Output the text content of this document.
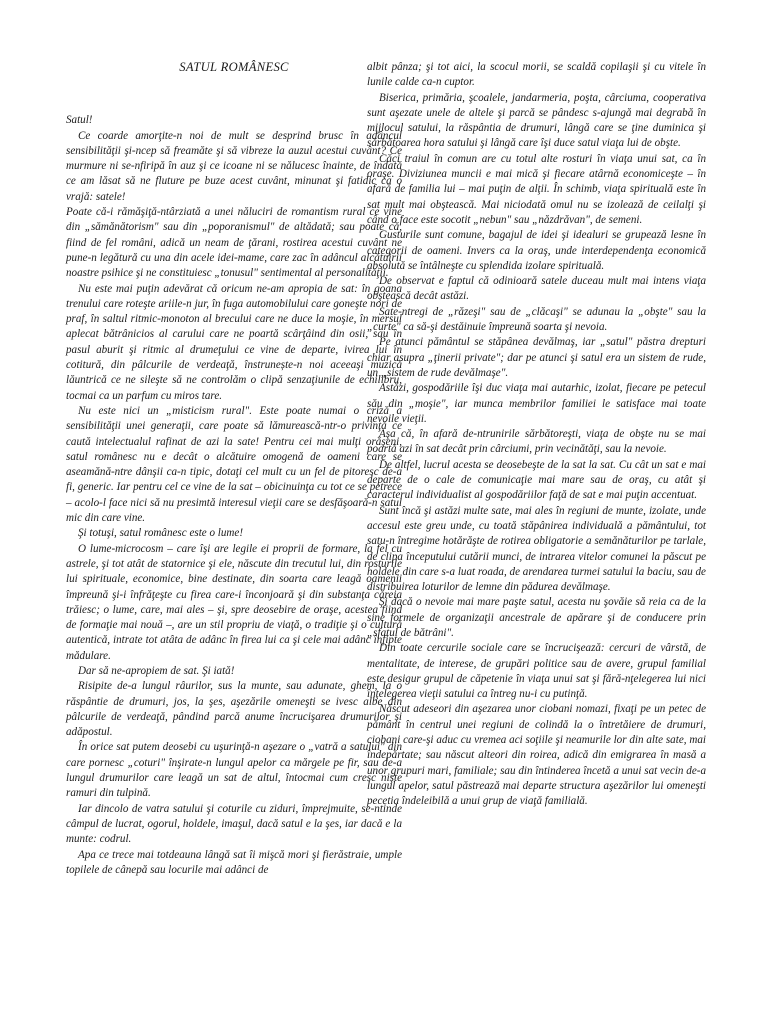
SATUL ROMÂNESC

Satul!

Ce coarde amorţite-n noi de mult se desprind brusc în adâncul sensibilităţii şi-ncep să freamăte şi să vibreze la auzul acestui cuvânt? Ce murmure ni se-nfiripă în auz şi ce icoane ni se nălucesc înainte, de îndată ce am lăsat să ne fluture pe buze acest cuvânt, minunat şi fatidic ca o vrajă: satele!

Poate că-i rămăşiţă-ntârziată a unei năluciri de romantism rural ce vine din „sămănătorism" sau din „poporanismul" de altădată; sau poate că, fiind de fel români, adică un neam de ţărani, rostirea acestui cuvânt ne pune-n legătură cu una din acele idei-mame, care zac în adâncul alcătuirii noastre psihice şi ne constituiesc „tonusul" sentimental al personalităţii.

Nu este mai puţin adevărat că oricum ne-am apropia de sat: în goana trenului care roteşte ariile-n jur, în fuga automobilului care goneşte nori de praf, în saltul ritmic-monoton al brecului care ne duce la moşie, în mersul aplecat bătrânicios al carului care ne poartă scârţâind din osii, sau în pasul aburit şi ritmic al drumeţului ce vine de departe, ivirea lui în cotitură, din pâlcurile de verdeaţă, înstrunește-n noi aceeaşi muzică lăuntrică ce ne sileşte să ne controlăm o clipă senzaţiunile de echilibru, tocmai ca un parfum cu miros tare.

Nu este nici un „misticism rural". Este poate numai o criză a sensibilităţii unei generaţii, care poate să lămurească-ntr-o privinţă ce caută intelectualul rafinat de azi la sate! Pentru cei mai mulţi orăşeni, satul românesc nu e decât o alcătuire omogenă de oameni care se aseamănă-ntre dânşii ca-n tipic, dotaţi cel mult cu un fel de pitoresc de-a fi, generic. Iar pentru cel ce vine de la sat – obicinuinţa cu tot ce se petrece – acolo-l face nici să nu presimtă interesul vieţii care se desfăşoară-n satul mic din care vine.

Şi totuşi, satul românesc este o lume!

O lume-microcosm – care îşi are legile ei proprii de formare, la fel cu astrele, şi tot atât de statornice şi ele, născute din trecutul lui, din rosturile lui spirituale, economice, bine destinate, din soarta care leagă oamenii împreună şi-i înfrăţeşte cu firea care-i înconjoară şi din substanţa căreia trăiesc; o lume, care, mai ales – şi, spre deosebire de oraşe, acestea fiind de formaţie mai nouă –, are un stil propriu de viaţă, o tradiţie şi o cultură autentică, intrate tot atâta de adânc în firea lui ca şi cele mai adânc înfipte mădulare.

Dar să ne-apropiem de sat. Şi iată!

Risipite de-a lungul râurilor, sus la munte, sau adunate, ghem, la o răspântie de drumuri, jos, la şes, aşezările omeneşti se ivesc albe din pâlcurile de verdeaţă, pândind parcă anume încrucişarea drumurilor şi adăpostul.

În orice sat putem deosebi cu uşurinţă-n aşezare o „vatră a satului" din care pornesc „coturi" înşirate-n lungul apelor ca mărgele pe fir, sau de-a lungul drumurilor care leagă un sat de altul, întocmai cum cresc nişte ramuri din tulpină.

Iar dincolo de vatra satului şi coturile cu ziduri, împrejmuite, se-ntinde câmpul de lucrat, ogorul, holdele, imaşul, dacă satul e la şes, iar dacă e la munte: codrul.

Apa ce trece mai totdeauna lângă sat îi mişcă mori şi fierăstraie, umple topilele de cânepă sau locurile mai adânci de

albit pânza; şi tot aici, la scocul morii, se scaldă copilaşii şi cu vitele în lunile calde ca-n cuptor.

Biserica, primăria, şcoalele, jandarmeria, poşta, cârciuma, cooperativa sunt aşezate unele de altele şi parcă se pândesc s-ajungă mai degrabă în mijlocul satului, la răspântia de drumuri, lângă care se ţine duminica şi sărbătoarea hora satului şi lângă care îşi duce satul viaţa lui de obşte.

Căci traiul în comun are cu totul alte rosturi în viaţa unui sat, ca în oraşe. Diviziunea muncii e mai mică şi fiecare atârnă economiceşte – în afară de familia lui – mai puţin de alţii. În schimb, viaţa spirituală este în sat mult mai obştească. Mai niciodată omul nu se izolează de ceilalţi şi când o face este socotit „nebun" sau „năzdrăvan", de semeni.

Gusturile sunt comune, bagajul de idei şi idealuri se grupează lesne în categorii de oameni. Invers ca la oraş, unde interdependenţa economică absolută se întâlneşte cu splendida izolare spirituală.

De observat e faptul că odinioară satele duceau mult mai intens viaţa obştească decât astăzi.

Sate-ntregi de „răzeşi" sau de „clăcaşi" se adunau la „obşte" sau la „curte" ca să-şi destăinuie împreună soarta şi nevoia.

Pe atunci pământul se stăpânea devălmaş, iar „satul" păstra drepturi chiar asupra „ţinerii private"; dar pe atunci şi satul era un sistem de rude, un „sistem de rude devălmaşe".

Astăzi, gospodăriile îşi duc viaţa mai autarhic, izolat, fiecare pe petecul său din „moşie", iar munca membrilor familiei le satisface mai toate nevoile vieţii.

Aşa că, în afară de-ntrunirile sărbătoreşti, viaţa de obşte nu se mai poartă azi în sat decât prin cârciumi, prin vecinătăţi, sau la nevoie.

De altfel, lucrul acesta se deosebeşte de la sat la sat. Cu cât un sat e mai departe de o cale de comunicaţie mai mare sau de oraş, cu atât şi caracterul individualist al gospodăriilor faţă de sat e mai puţin accentuat.

Sunt încă şi astăzi multe sate, mai ales în regiuni de munte, izolate, unde accesul este greu unde, cu toată stăpânirea individuală a pământului, tot satu-n întregime hotărăşte de rotirea obligatorie a semănăturilor pe tarlale, de clipa începutului cutării munci, de intrarea vitelor comunei la păscut pe holdele din care s-a luat roada, de arendarea turmei satului la baciu, sau de distribuirea loturilor de lemne din pădurea devălmaşe.

Şi dacă o nevoie mai mare paşte satul, acesta nu şovăie să reia ca de la sine formele de organizaţii ancestrale de apărare şi de conducere prin „sfatul de bătrâni".

Din toate cercurile sociale care se încrucişează: cercuri de vârstă, de mentalitate, de interese, de grupări politice sau de avere, grupul familial este desigur grupul de căpetenie în viaţa unui sat şi fără-nţelegerea lui nici înţelegerea vieţii satului ca întreg nu-i cu putinţă.

Născut adeseori din aşezarea unor ciobani nomazi, fixaţi pe un petec de pământ în centrul unei regiuni de colindă la o întretăiere de drumuri, ciobani care-şi aduc cu vremea aci soţiile şi neamurile lor din alte sate, mai îndepărtate; sau născut alteori din roirea, adică din emigrarea în masă a unor grupuri mari, familiale; sau din întinderea încetă a unui sat vecin de-a lungul apelor, satul păstrează mai departe structura aşezărilor lui omeneşti pecetia îndeleibilă a unui grup de viaţă familială.
